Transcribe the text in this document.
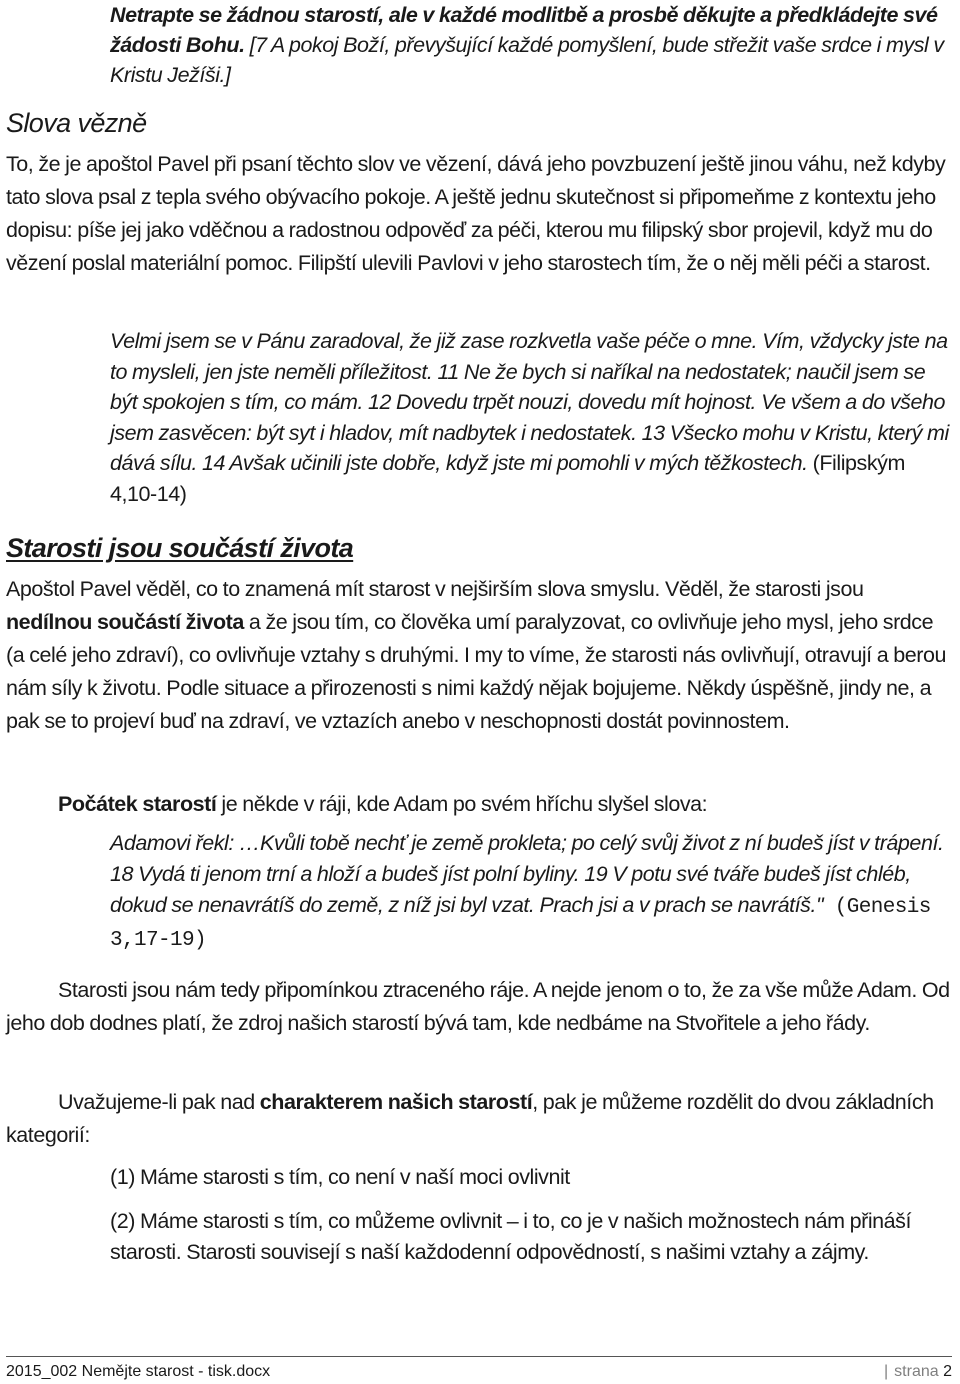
Netrapte se žádnou starostí, ale v každé modlitbě a prosbě děkujte a předkládejte své žádosti Bohu. [7 A pokoj Boží, převyšující každé pomyšlení, bude střežit vaše srdce i mysl v Kristu Ježíši.]
Slova vězně
To, že je apoštol Pavel při psaní těchto slov ve vězení, dává jeho povzbuzení ještě jinou váhu, než kdyby tato slova psal z tepla svého obývacího pokoje. A ještě jednu skutečnost si připomeňme z kontextu jeho dopisu: píše jej jako vděčnou a radostnou odpověď za péči, kterou mu filipský sbor projevil, když mu do vězení poslal materiální pomoc. Filipští ulevili Pavlovi v jeho starostech tím, že o něj měli péči a starost.
Velmi jsem se v Pánu zaradoval, že již zase rozkvetla vaše péče o mne. Vím, vždycky jste na to mysleli, jen jste neměli příležitost. 11 Ne že bych si naříkal na nedostatek; naučil jsem se být spokojen s tím, co mám. 12 Dovedu trpět nouzi, dovedu mít hojnost. Ve všem a do všeho jsem zasvěcen: být syt i hladov, mít nadbytek i nedostatek. 13 Všecko mohu v Kristu, který mi dává sílu. 14 Avšak učinili jste dobře, když jste mi pomohli v mých těžkostech. (Filipským 4,10-14)
Starosti jsou součástí života
Apoštol Pavel věděl, co to znamená mít starost v nejširším slova smyslu. Věděl, že starosti jsou nedílnou součástí života a že jsou tím, co člověka umí paralyzovat, co ovlivňuje jeho mysl, jeho srdce (a celé jeho zdraví), co ovlivňuje vztahy s druhými. I my to víme, že starosti nás ovlivňují, otravují a berou nám síly k životu. Podle situace a přirozenosti s nimi každý nějak bojujeme. Někdy úspěšně, jindy ne, a pak se to projeví buď na zdraví, ve vztazích anebo v neschopnosti dostát povinnostem.
Počátek starostí je někde v ráji, kde Adam po svém hříchu slyšel slova:
Adamovi řekl: …Kvůli tobě nechť je země prokleta; po celý svůj život z ní budeš jíst v trápení. 18 Vydá ti jenom trní a hloží a budeš jíst polní byliny. 19 V potu své tváře budeš jíst chléb, dokud se nenavrátíš do země, z níž jsi byl vzat. Prach jsi a v prach se navrátíš." (Genesis 3,17-19)
Starosti jsou nám tedy připomínkou ztraceného ráje. A nejde jenom o to, že za vše může Adam. Od jeho dob dodnes platí, že zdroj našich starostí bývá tam, kde nedbáme na Stvořitele a jeho řády.
Uvažujeme-li pak nad charakterem našich starostí, pak je můžeme rozdělit do dvou základních kategorií:
(1) Máme starosti s tím, co není v naší moci ovlivnit
(2) Máme starosti s tím, co můžeme ovlivnit – i to, co je v našich možnostech nám přináší starosti. Starosti souvisejí s naší každodenní odpovědností, s našimi vztahy a zájmy.
2015_002 Nemějte starost - tisk.docx	| strana 2
